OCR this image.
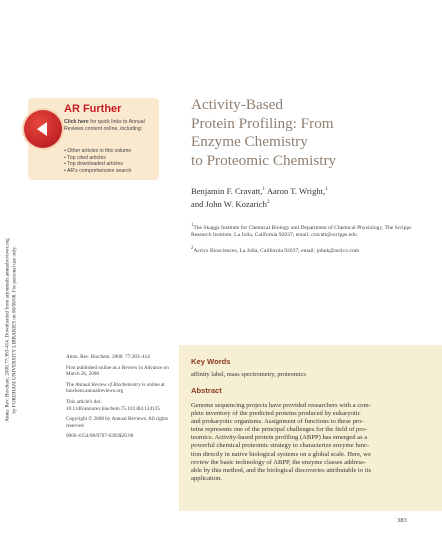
Annu. Rev. Biochem. 2008.77:383-414. Downloaded from arjournals.annualreviews.org by FORDHAM UNIVERSITY LIBRARIES on 06/08/08. For personal use only.
AR Further
Click here for quick links to Annual Reviews content online, including:
• Other articles in this volume
• Top cited articles
• Top downloaded articles
• AR's comprehensive search
Activity-Based
Protein Profiling: From
Enzyme Chemistry
to Proteomic Chemistry
Benjamin F. Cravatt,$^1$ Aaron T. Wright,$^1$
and John W. Kozarich$^2$

$^1$The Skaggs Institute for Chemical Biology and Department of Chemical Physiology, The Scripps Research Institute, La Jolla, California 92037; email: cravatt@scripps.edu

$^2$Activx Biosciences, La Jolla, California 92037; email: johnk@activx.com

Annu. Rev. Biochem. 2008. 77:383–414

First published online as a Review in Advance on March 26, 2008

The Annual Review of Biochemistry is online at biochem.annualreviews.org

This article's doi:
10.1146/annurev.biochem.75.101304.124125

Copyright © 2008 by Annual Reviews. All rights reserved

0066-4154/08/0707-0383$20.00

Key Words
affinity label, mass spectrometry, proteomics
Abstract
Genome sequencing projects have provided researchers with a com-
plete inventory of the predicted proteins produced by eukaryotic
and prokaryotic organisms. Assignment of functions to these pro-
teins represents one of the principal challenges for the field of pro-
teomics. Activity-based protein profiling (ABPP) has emerged as a
powerful chemical proteomic strategy to characterize enzyme func-
tion directly in native biological systems on a global scale. Here, we
review the basic technology of ABPP, the enzyme classes address-
able by this method, and the biological discoveries attributable to its
application.
383
